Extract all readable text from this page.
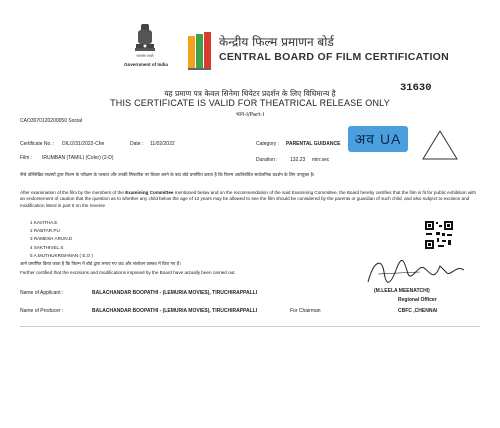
सत्यमेव जयते
Government of India
केन्द्रीय फिल्म प्रमाणन बोर्ड
CENTRAL BOARD OF FILM CERTIFICATION
31630
यह प्रमाण पत्र केवल सिनेमा थियेटर प्रदर्शन के लिए विधिमान्य है
THIS CERTIFICATE IS VALID FOR THEATRICAL RELEASE ONLY
भाग-I/Part-I
CAO3070120200050 Social
Certificate No. : DIL/2/31/2022-Che	Date : 11/02/2022	Category : PARENTAL GUIDANCE
Film : IRUMBAN (TAMIL) (Color) (2-D)	Duration : 132.23 min:sec
अव UA
नीचे उल्लिखित सदस्यों द्वारा फिल्म के परीक्षण के पश्चात और उनकी सिफारिश पर विचार करने के बाद बोर्ड प्रमाणित करता है कि फिल्म अप्रतिबंधित सार्वजनिक प्रदर्शन के लिए उपयुक्त है।
After examination of the film by the members of the Examining Committee mentioned below and on the recommendation of the said Examining Committee, the Board hereby certifies that the film is fit for public exhibition with an endorsement of caution that the question as to whether any child below the age of 12 years may be allowed to see the film should be considered by the parents or guardian of such child, and also subject to excision and modification listed in part II on the reverse
1 KAVITHA.E
2 RABTAR.PU
3 RAMESH ARUN.D
4 SAKTHIVEL.S
5 A.MUTHUKRISHNAN ( E.O )
आगे प्रमाणित किया जाता है कि फिल्म में बोर्ड द्वारा लगाए गए कट और संशोधन वास्तव में किए गए हैं।
Further certified that the excisions and modifications imposed by the Board have actually been carried out.
Name of Applicant :	BALACHANDAR BOOPATHI - (LEMURIA MOVIES), TIRUCHIRAPPALLI
Name of Producer :	BALACHANDAR BOOPATHI - (LEMURIA MOVIES), TIRUCHIRAPPALLI	For Chairman
(M.LEELA MEENATCHI)
Regional Officer
CBFC ,CHENNAI
